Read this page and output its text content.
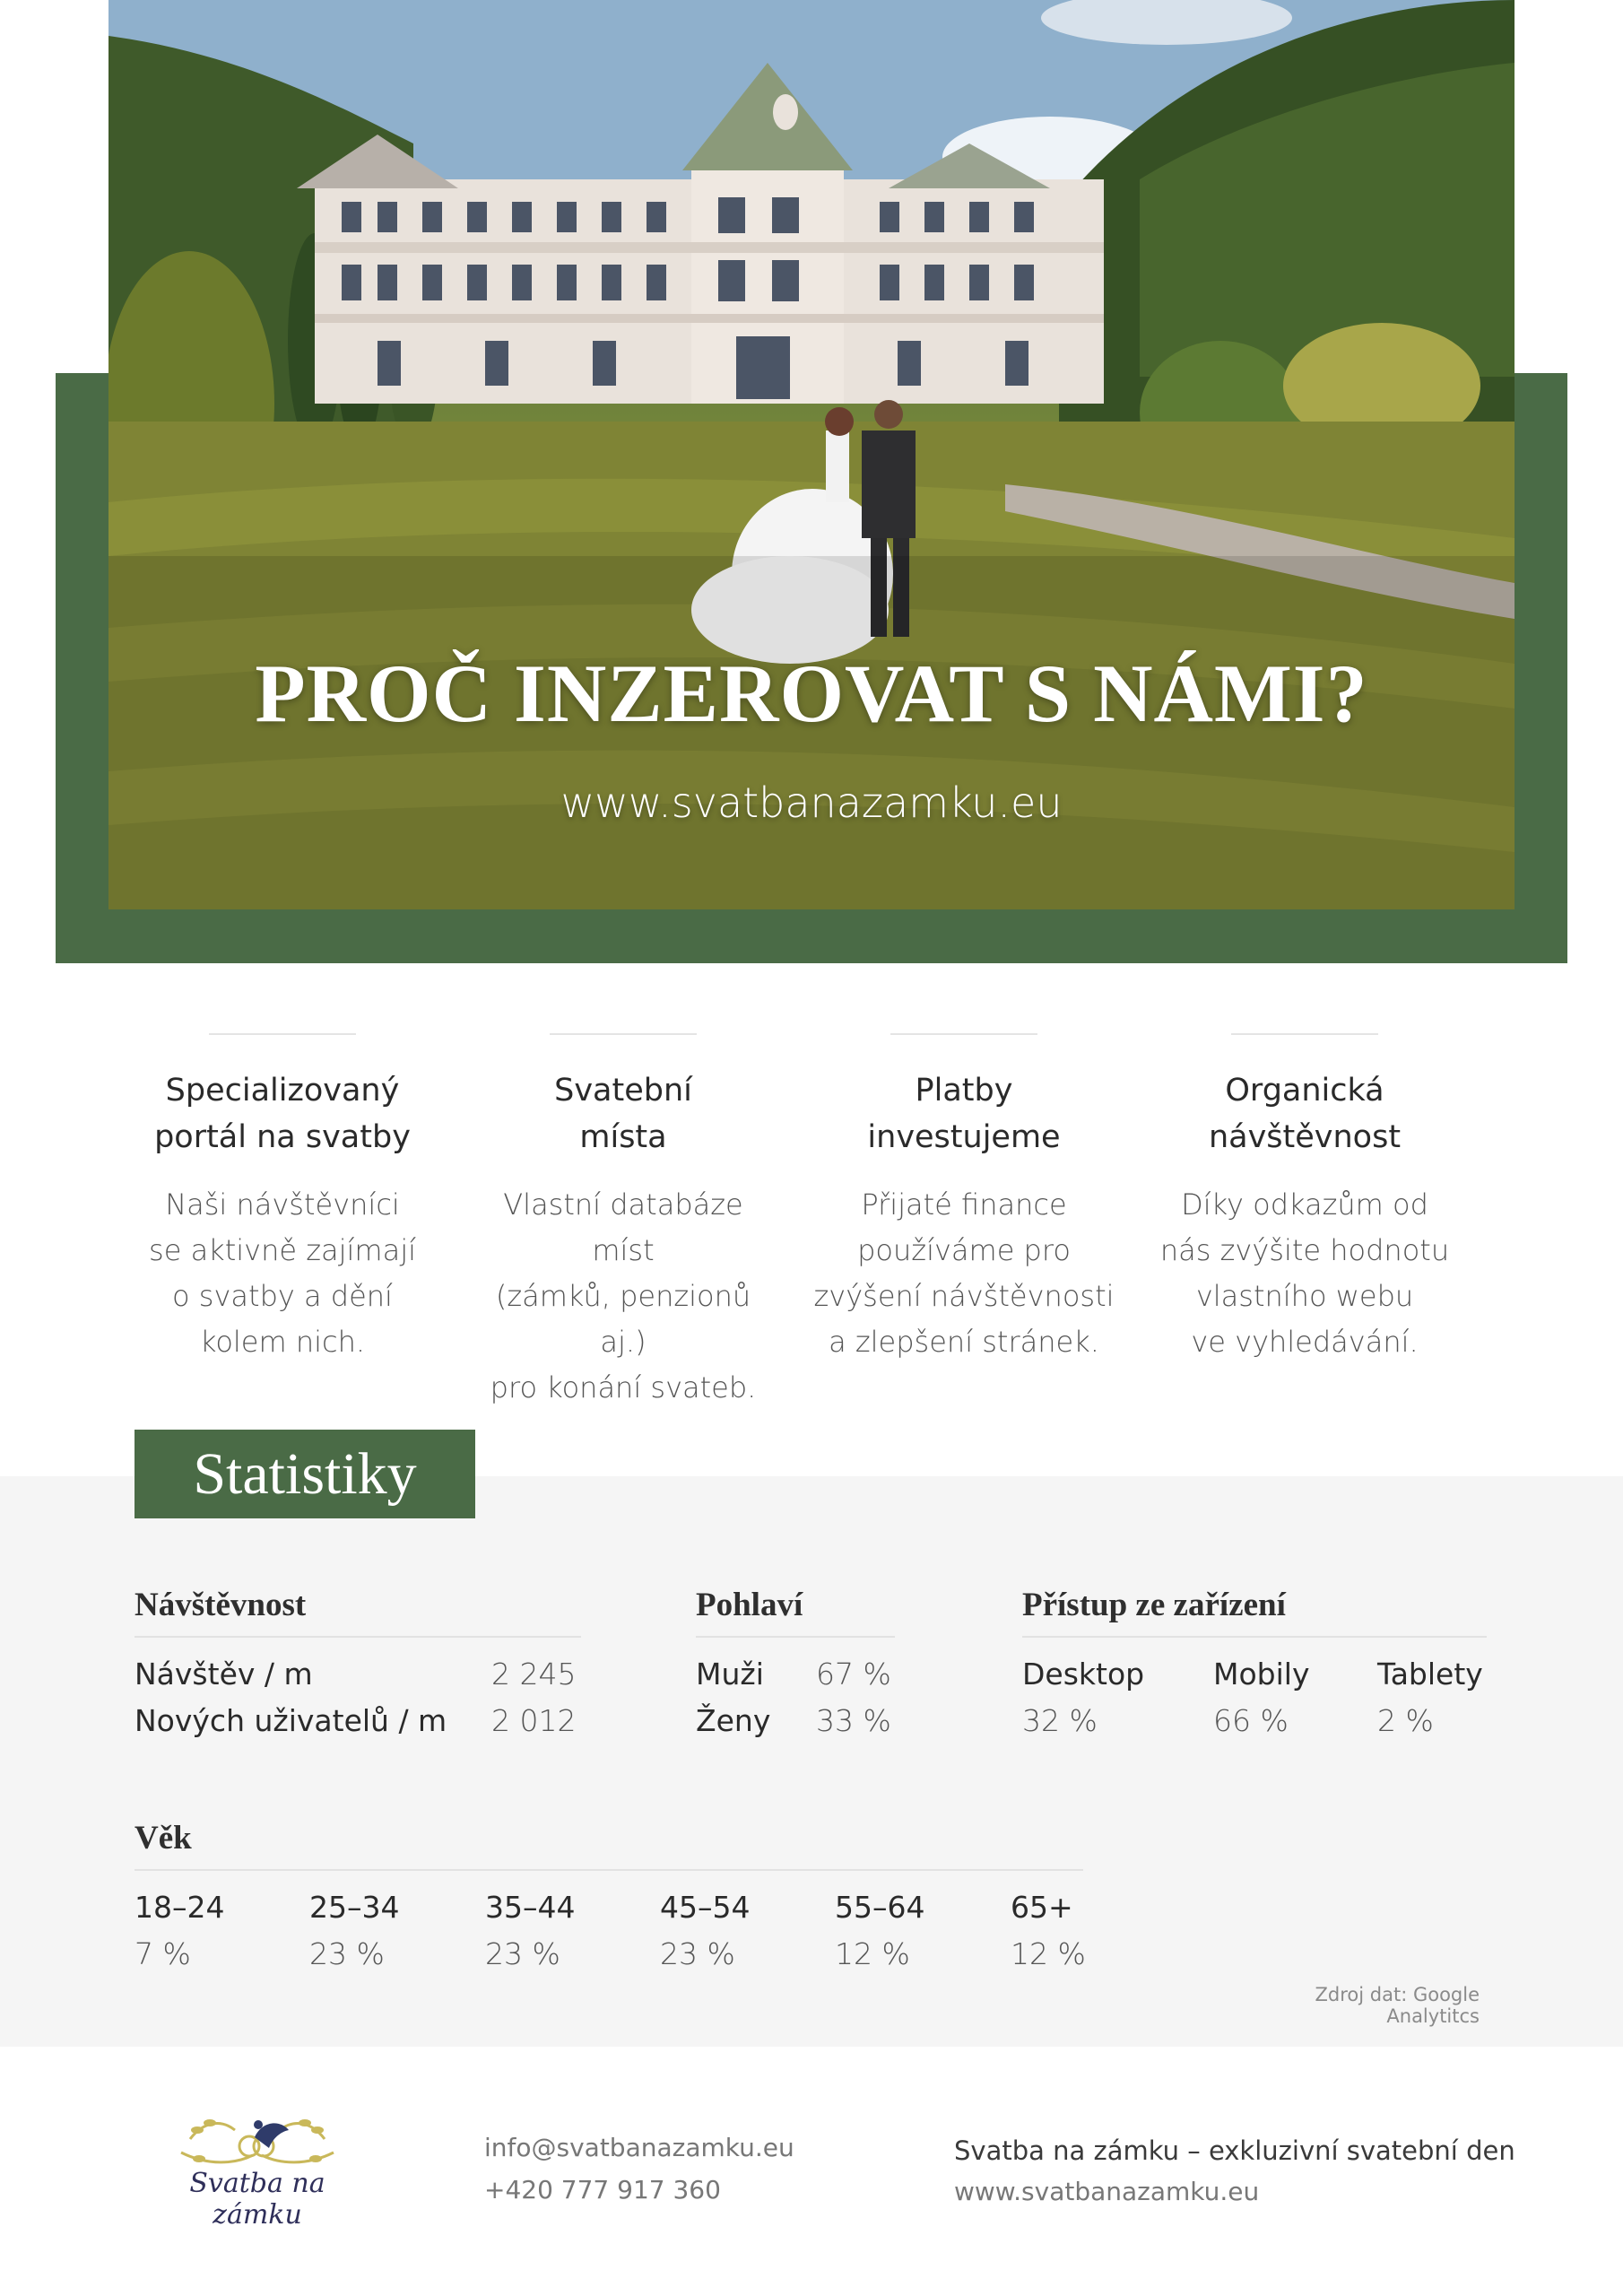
PROČ INZEROVAT S NÁMI?
www.svatbanazamku.eu
Specializovaný
portál na svatby
Naši návštěvníci
se aktivně zajímají
o svatby a dění
kolem nich.
Svatební
místa
Vlastní databáze míst
(zámků, penzionů aj.)
pro konání svateb.
Platby
investujeme
Přijaté finance
používáme pro
zvýšení návštěvnosti
a zlepšení stránek.
Organická
návštěvnost
Díky odkazům od
nás zvýšite hodnotu
vlastního webu
ve vyhledávání.
Statistiky
Návštěvnost
Návštěv / m	2 245
Nových uživatelů / m 2 012
Pohlaví
Muži 67 %
Ženy 33 %
Přístup ze zařízení
Desktop
32 %
Mobily
66 %
Tablety
2 %
Věk
18–24
7 %
25–34
23 %
35–44
23 %
45–54
23 %
55–64
12 %
65+
12 %
Zdroj dat: Google Analytitcs
Svatba na zámku
info@svatbanazamku.eu
+420 777 917 360
Svatba na zámku – exkluzivní svatební den
www.svatbanazamku.eu
